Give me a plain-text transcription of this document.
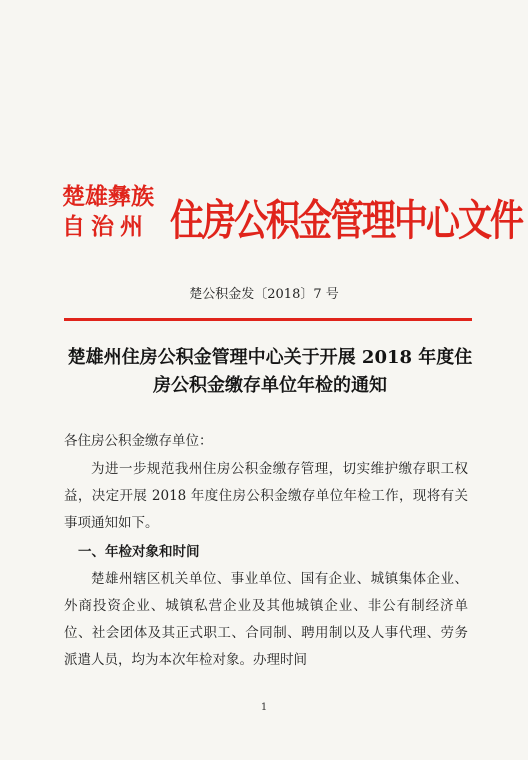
楚雄彝族
自治州 住房公积金管理中心文件
楚公积金发〔2018〕7 号
楚雄州住房公积金管理中心关于开展 2018 年度住房公积金缴存单位年检的通知
各住房公积金缴存单位：
为进一步规范我州住房公积金缴存管理，切实维护缴存职工权益，决定开展 2018 年度住房公积金缴存单位年检工作，现将有关事项通知如下。
一、年检对象和时间
楚雄州辖区机关单位、事业单位、国有企业、城镇集体企业、外商投资企业、城镇私营企业及其他城镇企业、非公有制经济单位、社会团体及其正式职工、合同制、聘用制以及人事代理、劳务派遣人员，均为本次年检对象。办理时间
1
